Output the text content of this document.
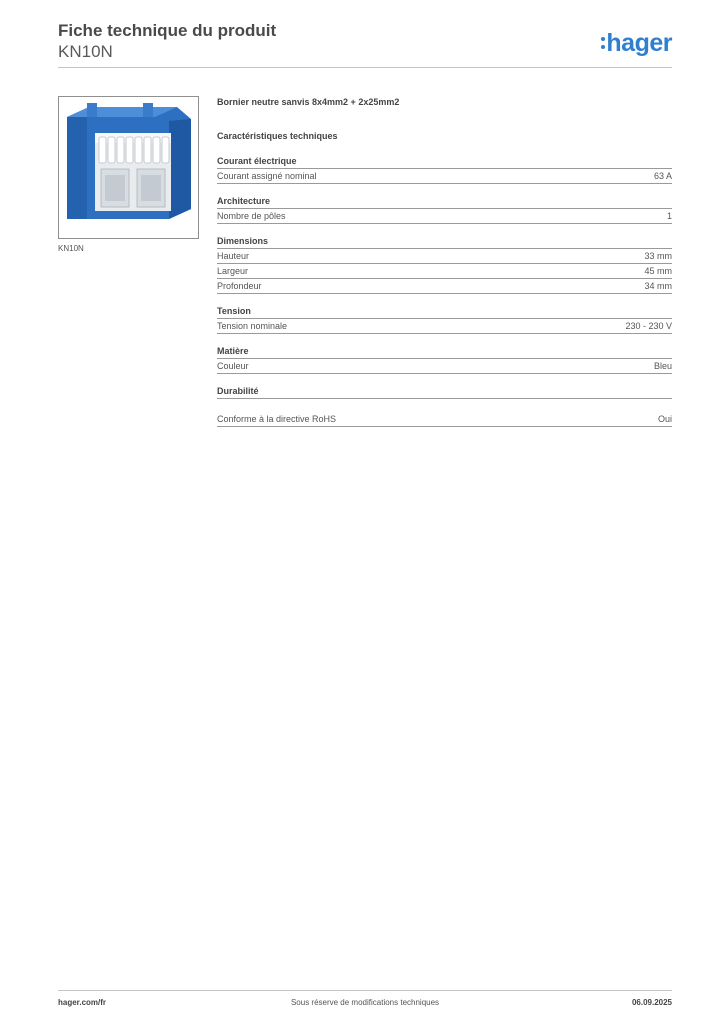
Fiche technique du produit
KN10N	hager
KN10N

Bornier neutre sanvis 8x4mm2 + 2x25mm2

Caractéristiques techniques

Courant électrique
Courant assigné nominal	63 A
Architecture
Nombre de pôles	1
Dimensions
Hauteur	33 mm
Largeur	45 mm
Profondeur	34 mm
Tension
Tension nominale	230 - 230 V
Matière
Couleur	Bleu
Durabilité
Conforme à la directive RoHS	Oui
hager.com/fr	Sous réserve de modifications techniques	06.09.2025
